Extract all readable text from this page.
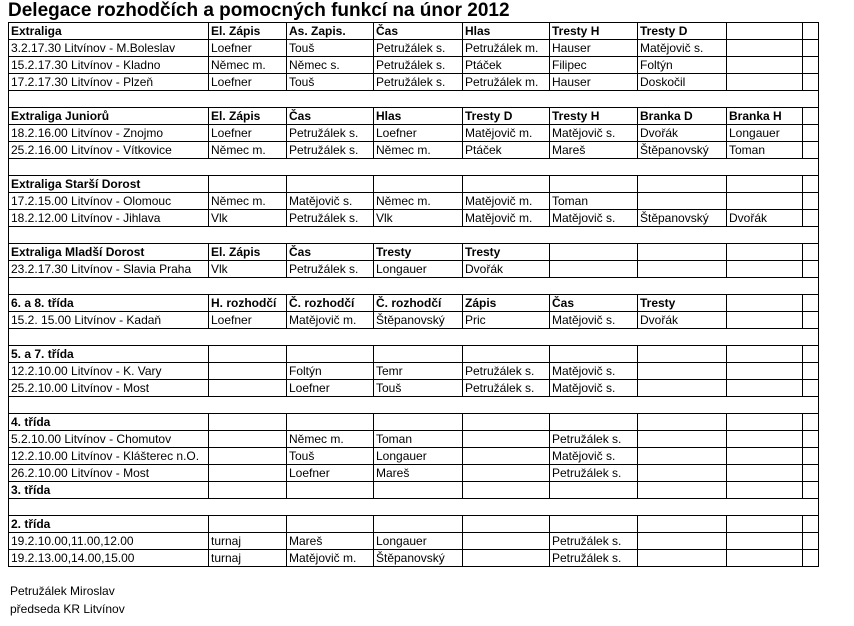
Delegace rozhodčích a pomocných funkcí na únor 2012
Extraliga	El. Zápis	As. Zapis.	Čas	Hlas	Tresty H	Tresty D		
3.2.17.30 Litvínov - M.Boleslav	Loefner	Touš	Petružálek s.	Petružálek m.	Hauser	Matějovič s.		
15.2.17.30 Litvínov - Kladno	Němec m.	Němec s.	Petružálek s.	Ptáček	Filipec	Foltýn		
17.2.17.30 Litvínov - Plzeň	Loefner	Touš	Petružálek s.	Petružálek m.	Hauser	Doskočil		

Extraliga Juniorů	El. Zápis	Čas	Hlas	Tresty D	Tresty H	Branka D	Branka H	
18.2.16.00 Litvínov - Znojmo	Loefner	Petružálek s.	Loefner	Matějovič m.	Matějovič s.	Dvořák	Longauer	
25.2.16.00 Litvínov - Vítkovice	Němec m.	Petružálek s.	Němec m.	Ptáček	Mareš	Štěpanovský	Toman	

Extraliga Starší Dorost								
17.2.15.00 Litvínov - Olomouc	Němec m.	Matějovič s.	Němec m.	Matějovič m.	Toman			
18.2.12.00 Litvínov - Jihlava	Vlk	Petružálek s.	Vlk	Matějovič m.	Matějovič s.	Štěpanovský	Dvořák	

Extraliga Mladší Dorost	El. Zápis	Čas	Tresty	Tresty				
23.2.17.30 Litvínov - Slavia Praha	Vlk	Petružálek s.	Longauer	Dvořák				

6. a 8. třída	H. rozhodčí	Č. rozhodčí	Č. rozhodčí	Zápis	Čas	Tresty		
15.2. 15.00 Litvínov - Kadaň	Loefner	Matějovič m.	Štěpanovský	Pric	Matějovič s.	Dvořák		

5. a 7. třída								
12.2.10.00 Litvínov - K. Vary		Foltýn	Temr	Petružálek s.	Matějovič s.			
25.2.10.00 Litvínov - Most		Loefner	Touš	Petružálek s.	Matějovič s.			

4. třída								
5.2.10.00 Litvínov - Chomutov		Němec m.	Toman		Petružálek s.			
12.2.10.00 Litvínov - Klášterec n.O.		Touš	Longauer		Matějovič s.			
26.2.10.00 Litvínov - Most		Loefner	Mareš		Petružálek s.			
3. třída								

2. třída								
19.2.10.00,11.00,12.00	turnaj	Mareš	Longauer		Petružálek s.			
19.2.13.00,14.00,15.00	turnaj	Matějovič m.	Štěpanovský		Petružálek s.			
Petružálek Miroslav
předseda KR Litvínov
